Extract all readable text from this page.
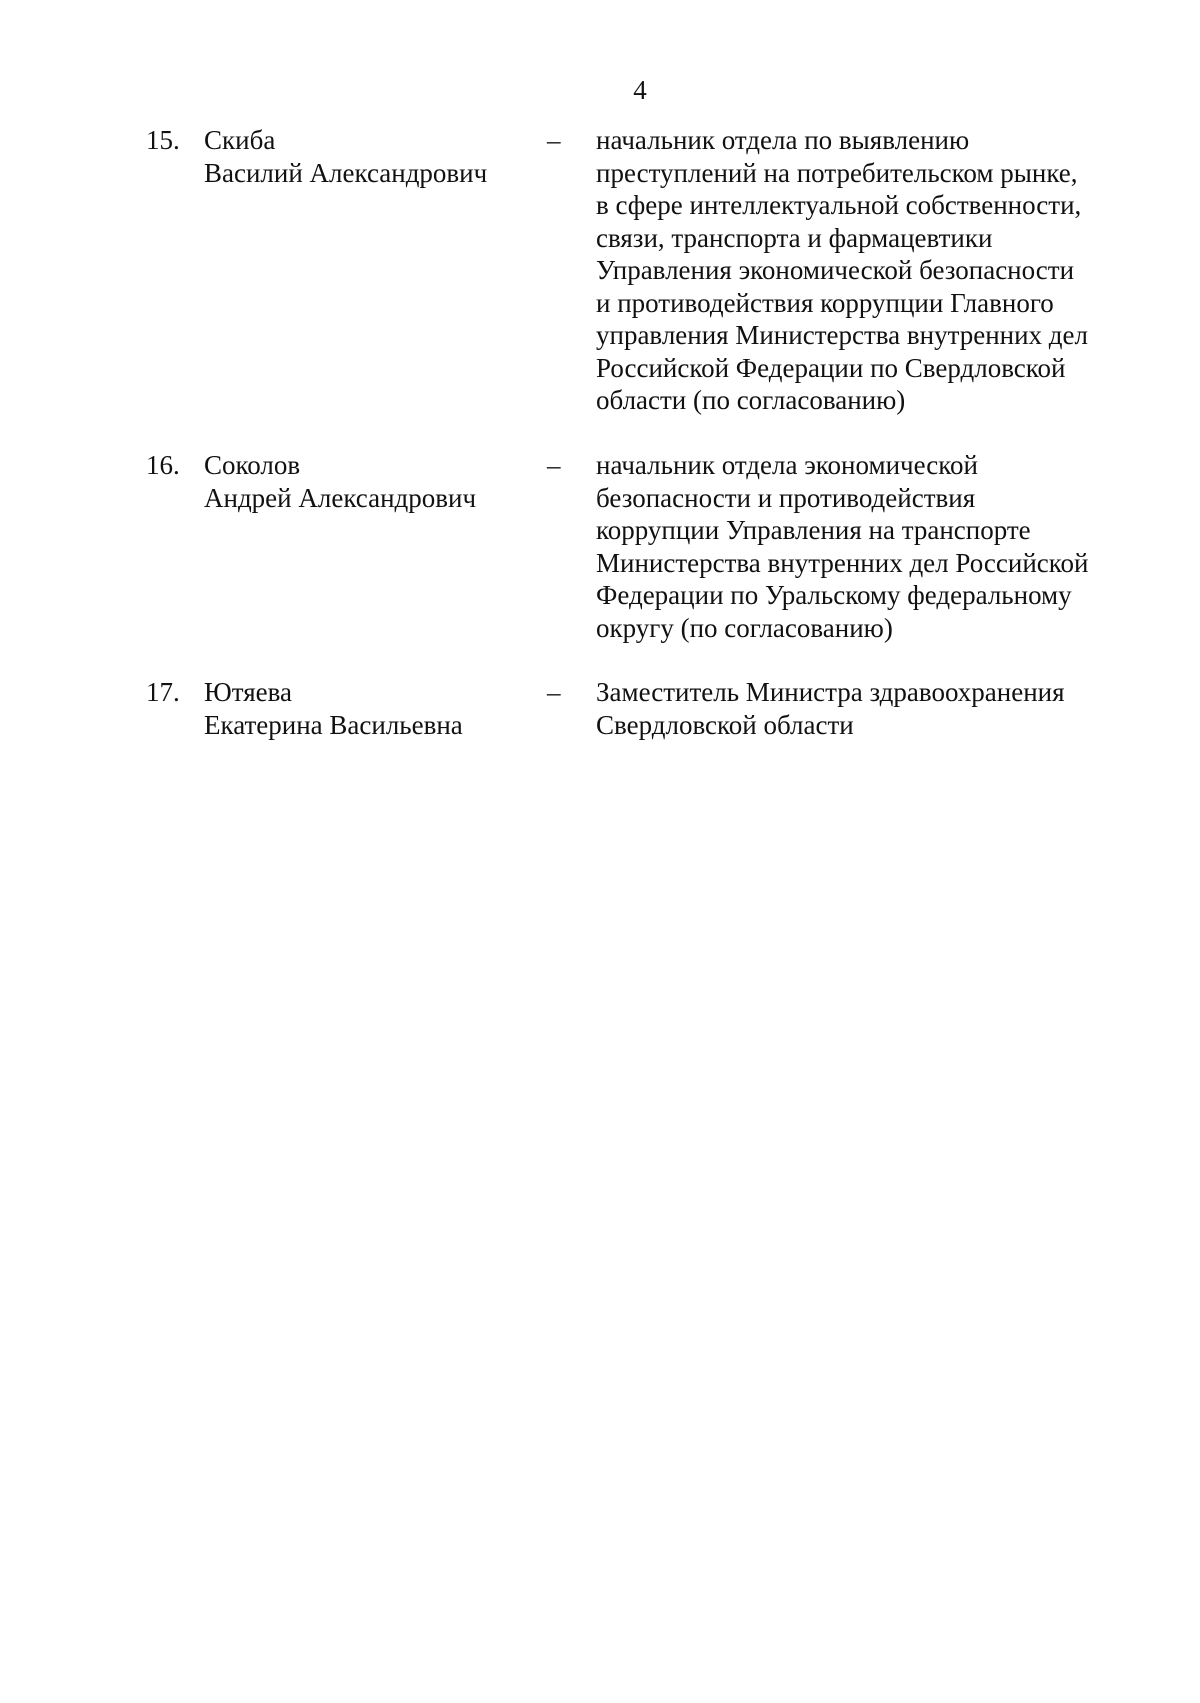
4
15. Скиба
Василий Александрович
– начальник отдела по выявлению
преступлений на потребительском рынке,
в сфере интеллектуальной собственности,
связи, транспорта и фармацевтики
Управления экономической безопасности
и противодействия коррупции Главного
управления Министерства внутренних дел
Российской Федерации по Свердловской
области (по согласованию)
16. Соколов
Андрей Александрович
– начальник отдела экономической
безопасности и противодействия
коррупции Управления на транспорте
Министерства внутренних дел Российской
Федерации по Уральскому федеральному
округу (по согласованию)
17. Ютяева
Екатерина Васильевна
– Заместитель Министра здравоохранения
Свердловской области
